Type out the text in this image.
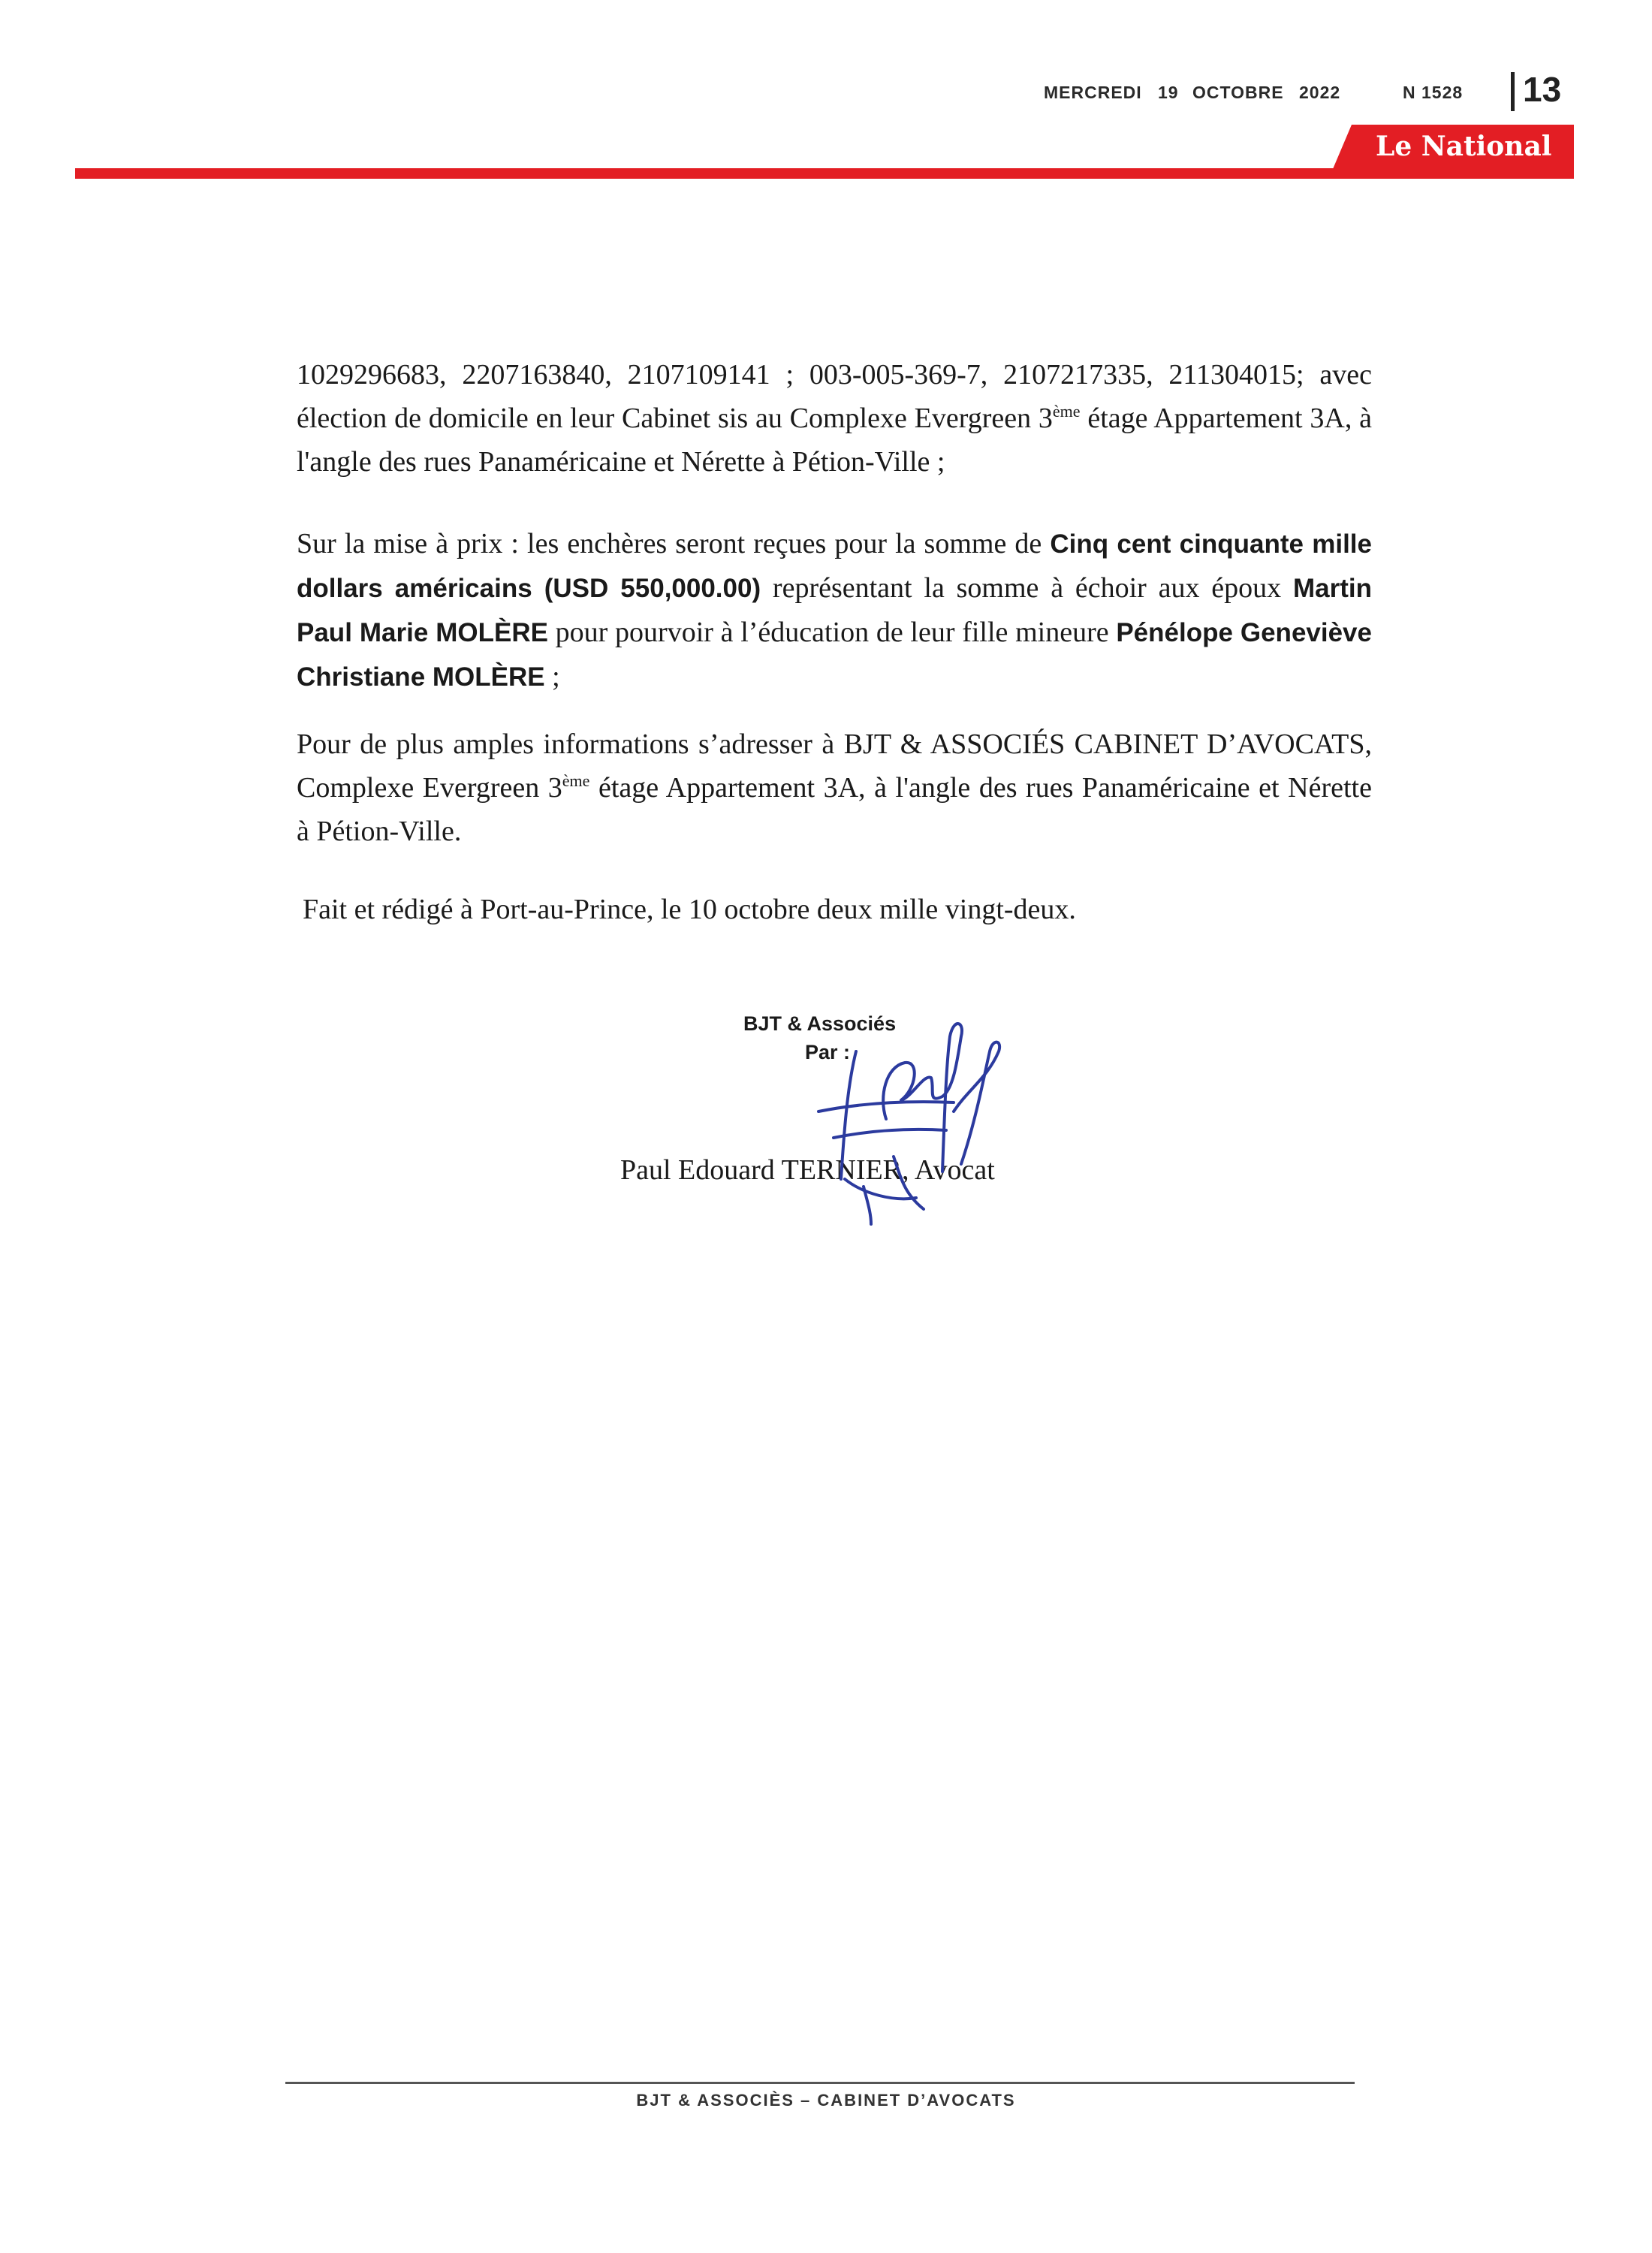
MERCREDI 19 OCTOBRE 2022	N 1528 13
Le National
1029296683, 2207163840, 2107109141 ; 003-005-369-7, 2107217335, 211304015; avec élection de domicile en leur Cabinet sis au Complexe Evergreen 3ème étage Appartement 3A, à l'angle des rues Panaméricaine et Nérette à Pétion-Ville ;
Sur la mise à prix : les enchères seront reçues pour la somme de Cinq cent cinquante mille dollars américains (USD 550,000.00) représentant la somme à échoir aux époux Martin Paul Marie MOLÈRE pour pourvoir à l’éducation de leur fille mineure Pénélope Geneviève Christiane MOLÈRE ;
Pour de plus amples informations s’adresser à BJT & ASSOCIÉS CABINET D’AVOCATS, Complexe Evergreen 3ème étage Appartement 3A, à l'angle des rues Panaméricaine et Nérette à Pétion-Ville.
Fait et rédigé à Port-au-Prince, le 10 octobre deux mille vingt-deux.
BJT & Associés
Par :
Paul Edouard TERNIER, Avocat
BJT & ASSOCIÈS – CABINET D’AVOCATS
